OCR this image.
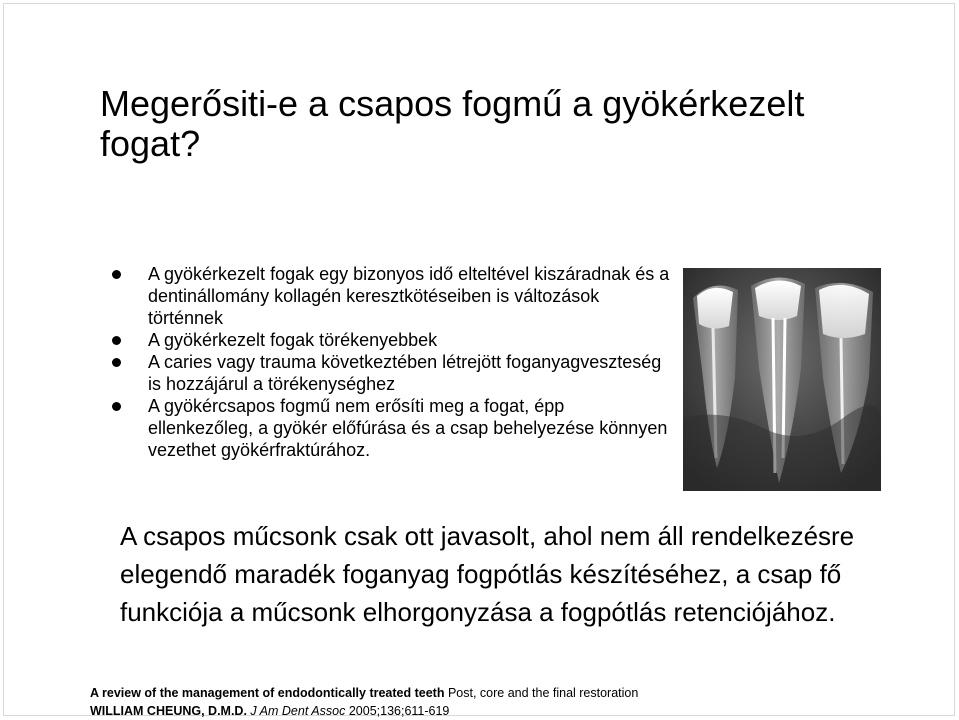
Megerősiti-e a csapos fogmű a gyökérkezelt fogat?
A gyökérkezelt fogak egy bizonyos idő elteltével kiszáradnak és a dentinállomány kollagén keresztkötéseiben is változások történnek
A gyökérkezelt fogak törékenyebbek
A caries vagy trauma következtében létrejött foganyagveszteség is hozzájárul a törékenységhez
A gyökércsapos fogmű nem erősíti meg a fogat, épp ellenkezőleg, a gyökér előfúrása és a csap behelyezése könnyen vezethet gyökérfraktúrához.

A csapos műcsonk csak ott javasolt, ahol nem áll rendelkezésre elegendő maradék foganyag fogpótlás készítéséhez, a csap fő funkciója a műcsonk elhorgonyzása a fogpótlás retenciójához.

A review of the management of endodontically treated teeth Post, core and the final restoration
WILLIAM CHEUNG, D.M.D. J Am Dent Assoc 2005;136;611-619
